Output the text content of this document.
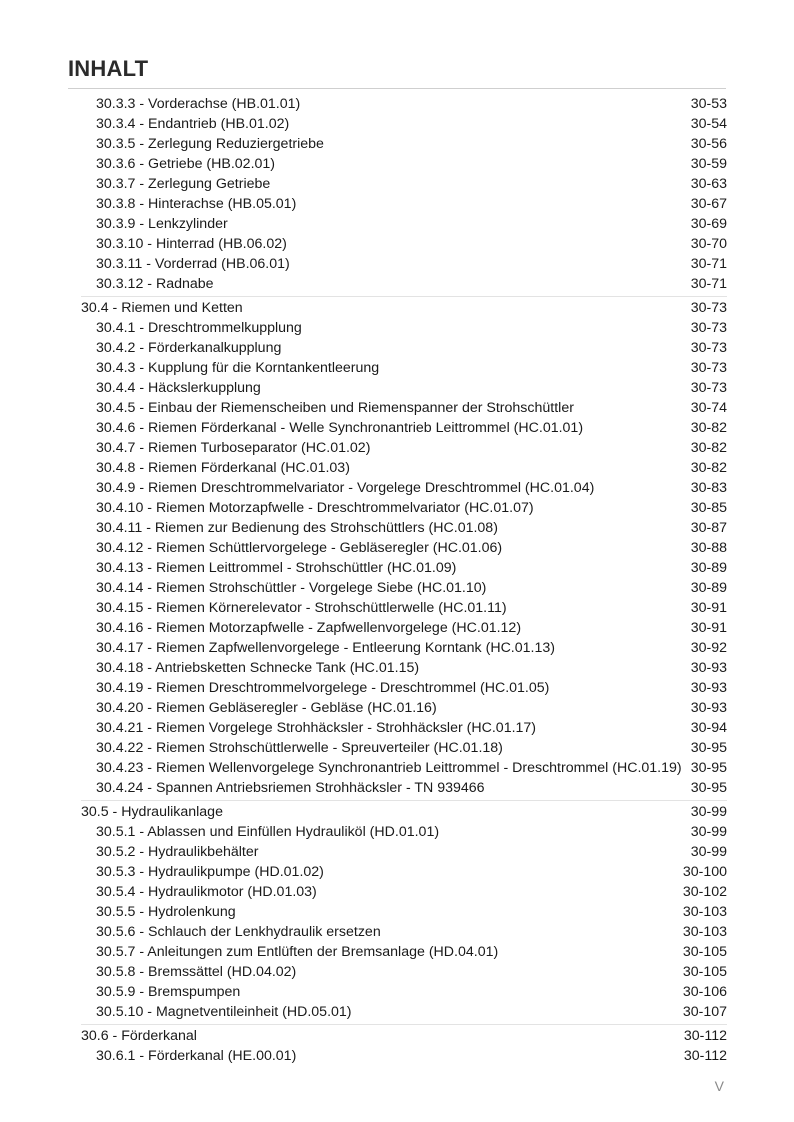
INHALT
30.3.3 - Vorderachse (HB.01.01)	30-53
30.3.4 - Endantrieb (HB.01.02)	30-54
30.3.5 - Zerlegung Reduziergetriebe	30-56
30.3.6 - Getriebe (HB.02.01)	30-59
30.3.7 - Zerlegung Getriebe	30-63
30.3.8 - Hinterachse (HB.05.01)	30-67
30.3.9 - Lenkzylinder	30-69
30.3.10 - Hinterrad (HB.06.02)	30-70
30.3.11 - Vorderrad (HB.06.01)	30-71
30.3.12 - Radnabe	30-71
30.4 - Riemen und Ketten	30-73
30.4.1 - Dreschtrommelkupplung	30-73
30.4.2 - Förderkanalkupplung	30-73
30.4.3 - Kupplung für die Korntankentleerung	30-73
30.4.4 - Häckslerkupplung	30-73
30.4.5 - Einbau der Riemenscheiben und Riemenspanner der Strohschüttler	30-74
30.4.6 - Riemen Förderkanal - Welle Synchronantrieb Leittrommel (HC.01.01)	30-82
30.4.7 - Riemen Turboseparator (HC.01.02)	30-82
30.4.8 - Riemen Förderkanal (HC.01.03)	30-82
30.4.9 - Riemen Dreschtrommelvariator - Vorgelege Dreschtrommel (HC.01.04)	30-83
30.4.10 - Riemen Motorzapfwelle - Dreschtrommelvariator (HC.01.07)	30-85
30.4.11 - Riemen zur Bedienung des Strohschüttlers (HC.01.08)	30-87
30.4.12 - Riemen Schüttlervorgelege - Gebläseregler (HC.01.06)	30-88
30.4.13 - Riemen Leittrommel - Strohschüttler (HC.01.09)	30-89
30.4.14 - Riemen Strohschüttler - Vorgelege Siebe (HC.01.10)	30-89
30.4.15 - Riemen Körnerelevator - Strohschüttlerwelle (HC.01.11)	30-91
30.4.16 - Riemen Motorzapfwelle - Zapfwellenvorgelege (HC.01.12)	30-91
30.4.17 - Riemen Zapfwellenvorgelege - Entleerung Korntank (HC.01.13)	30-92
30.4.18 - Antriebsketten Schnecke Tank (HC.01.15)	30-93
30.4.19 - Riemen Dreschtrommelvorgelege - Dreschtrommel (HC.01.05)	30-93
30.4.20 - Riemen Gebläseregler - Gebläse (HC.01.16)	30-93
30.4.21 - Riemen Vorgelege Strohhäcksler - Strohhäcksler (HC.01.17)	30-94
30.4.22 - Riemen Strohschüttlerwelle - Spreuverteiler (HC.01.18)	30-95
30.4.23 - Riemen Wellenvorgelege Synchronantrieb Leittrommel - Dreschtrommel (HC.01.19) 30-95
30.4.24 - Spannen Antriebsriemen Strohhäcksler - TN 939466	30-95
30.5 - Hydraulikanlage	30-99
30.5.1 - Ablassen und Einfüllen Hydrauliköl (HD.01.01)	30-99
30.5.2 - Hydraulikbehälter	30-99
30.5.3 - Hydraulikpumpe (HD.01.02)	30-100
30.5.4 - Hydraulikmotor (HD.01.03)	30-102
30.5.5 - Hydrolenkung	30-103
30.5.6 - Schlauch der Lenkhydraulik ersetzen	30-103
30.5.7 - Anleitungen zum Entlüften der Bremsanlage (HD.04.01)	30-105
30.5.8 - Bremssättel (HD.04.02)	30-105
30.5.9 - Bremspumpen	30-106
30.5.10 - Magnetventileinheit (HD.05.01)	30-107
30.6 - Förderkanal	30-112
30.6.1 - Förderkanal (HE.00.01)	30-112
V
